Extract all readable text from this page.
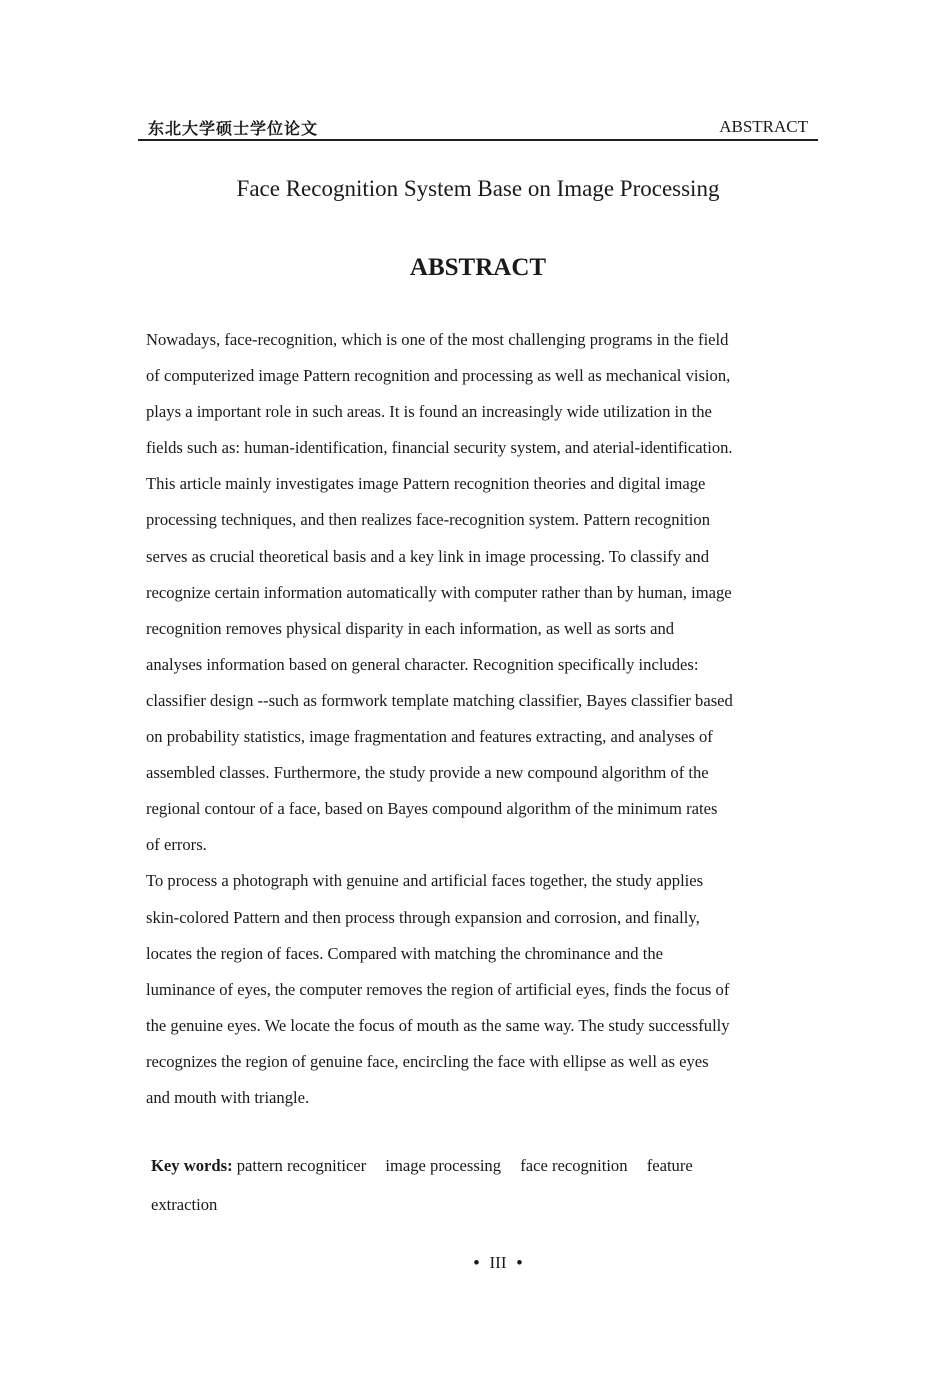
东北大学硕士学位论文	ABSTRACT
Face Recognition System Base on Image Processing
ABSTRACT
Nowadays, face-recognition, which is one of the most challenging programs in the field
of computerized image Pattern recognition and processing as well as mechanical vision,
plays a important role in such areas. It is found an increasingly wide utilization in the
fields such as: human-identification, financial security system, and aterial-identification.
This article mainly investigates image Pattern recognition theories and digital image
processing techniques, and then realizes face-recognition system. Pattern recognition
serves as crucial theoretical basis and a key link in image processing. To classify and
recognize certain information automatically with computer rather than by human, image
recognition removes physical disparity in each information, as well as sorts and
analyses information based on general character. Recognition specifically includes:
classifier design --such as formwork template matching classifier, Bayes classifier based
on probability statistics, image fragmentation and features extracting, and analyses of
assembled classes. Furthermore, the study provide a new compound algorithm of the
regional contour of a face, based on Bayes compound algorithm of the minimum rates
of errors.
To process a photograph with genuine and artificial faces together, the study applies
skin-colored Pattern and then process through expansion and corrosion, and finally,
locates the region of faces. Compared with matching the chrominance and the
luminance of eyes, the computer removes the region of artificial eyes, finds the focus of
the genuine eyes. We locate the focus of mouth as the same way. The study successfully
recognizes the region of genuine face, encircling the face with ellipse as well as eyes
and mouth with triangle.
Key words: pattern recogniticer image processing face recognition feature
extraction
• III •
